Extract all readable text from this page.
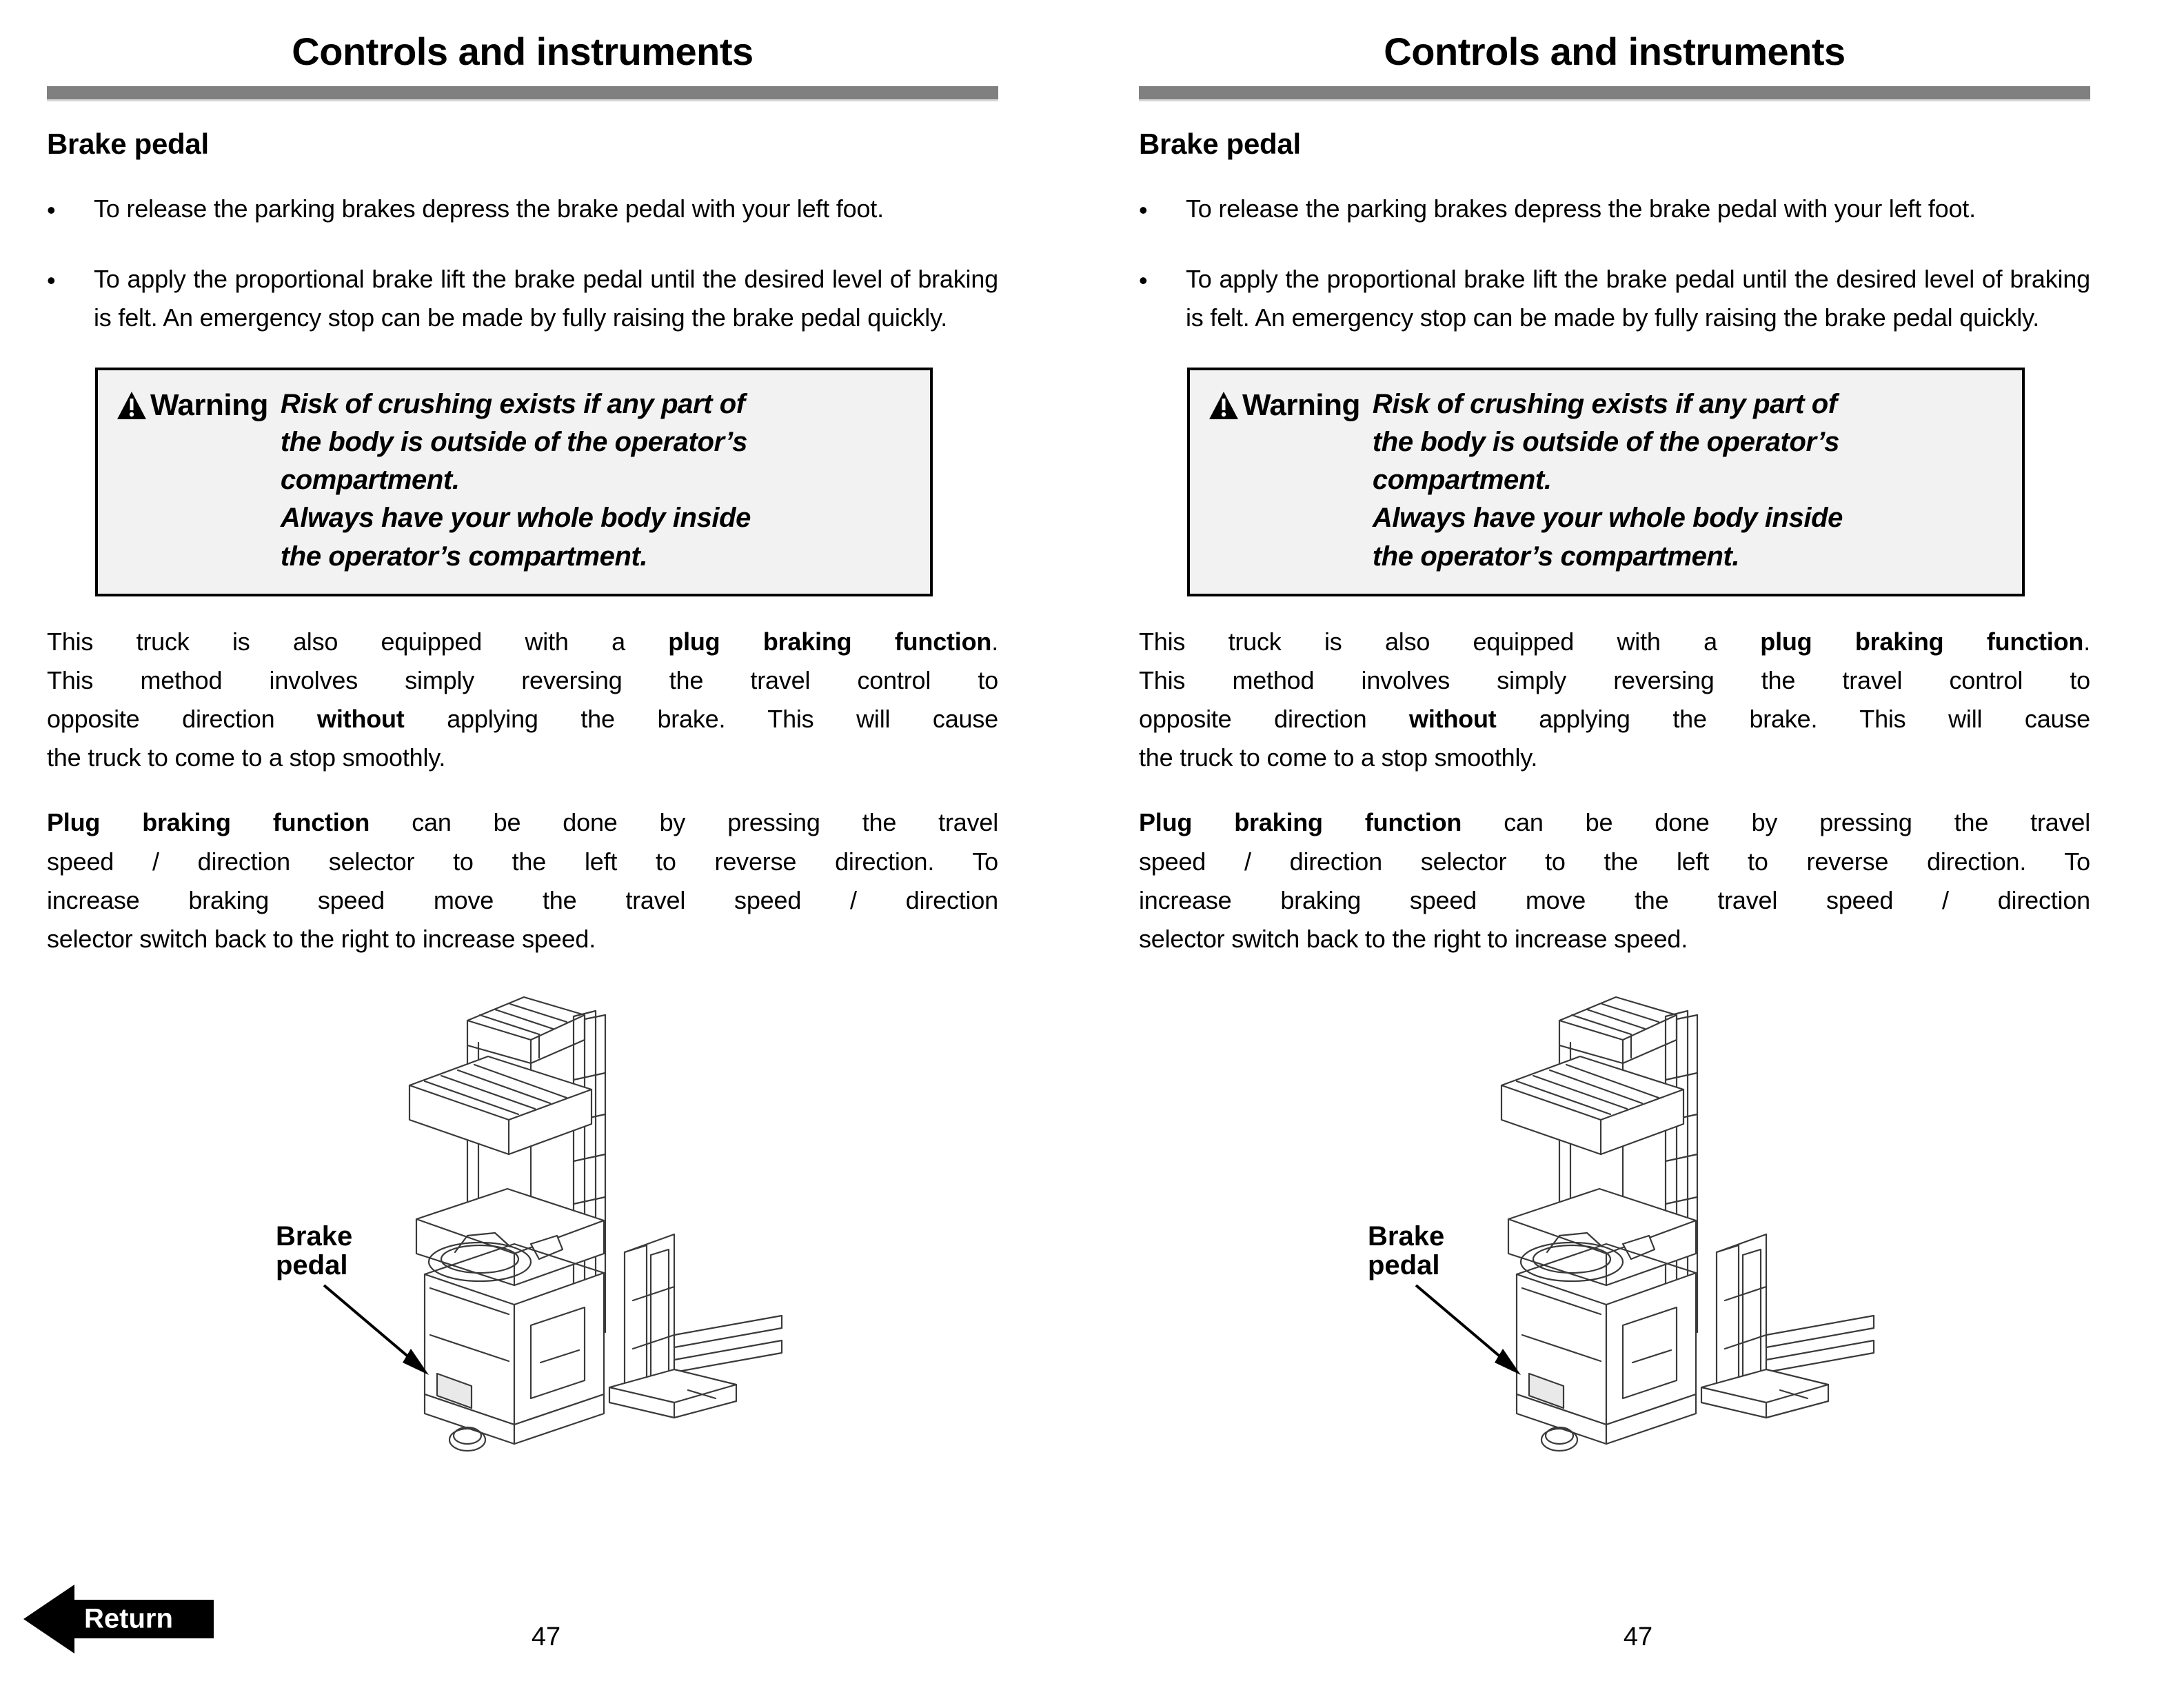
Controls and instruments
Brake pedal
•	To release the parking brakes depress the brake pedal with your left foot.
•	To apply the proportional brake lift the brake pedal until the desired level of braking is felt. An emergency stop can be made by fully raising the brake pedal quickly.
Warning Risk of crushing exists if any part of
the body is outside of the operator’s
compartment.
Always have your whole body inside
the operator’s compartment.
This truck is also equipped with a plug braking function.
This method involves simply reversing the travel control to
opposite direction without applying the brake. This will cause
the truck to come to a stop smoothly.
Plug braking function can be done by pressing the travel
speed / direction selector to the left to reverse direction. To
increase braking speed move the travel speed / direction
selector switch back to the right to increase speed.
Brake
pedal
47
Return
Controls and instruments
Brake pedal
•	To release the parking brakes depress the brake pedal with your left foot.
•	To apply the proportional brake lift the brake pedal until the desired level of braking is felt. An emergency stop can be made by fully raising the brake pedal quickly.
Warning Risk of crushing exists if any part of
the body is outside of the operator’s
compartment.
Always have your whole body inside
the operator’s compartment.
This truck is also equipped with a plug braking function.
This method involves simply reversing the travel control to
opposite direction without applying the brake. This will cause
the truck to come to a stop smoothly.
Plug braking function can be done by pressing the travel
speed / direction selector to the left to reverse direction. To
increase braking speed move the travel speed / direction
selector switch back to the right to increase speed.
Brake
pedal
47
